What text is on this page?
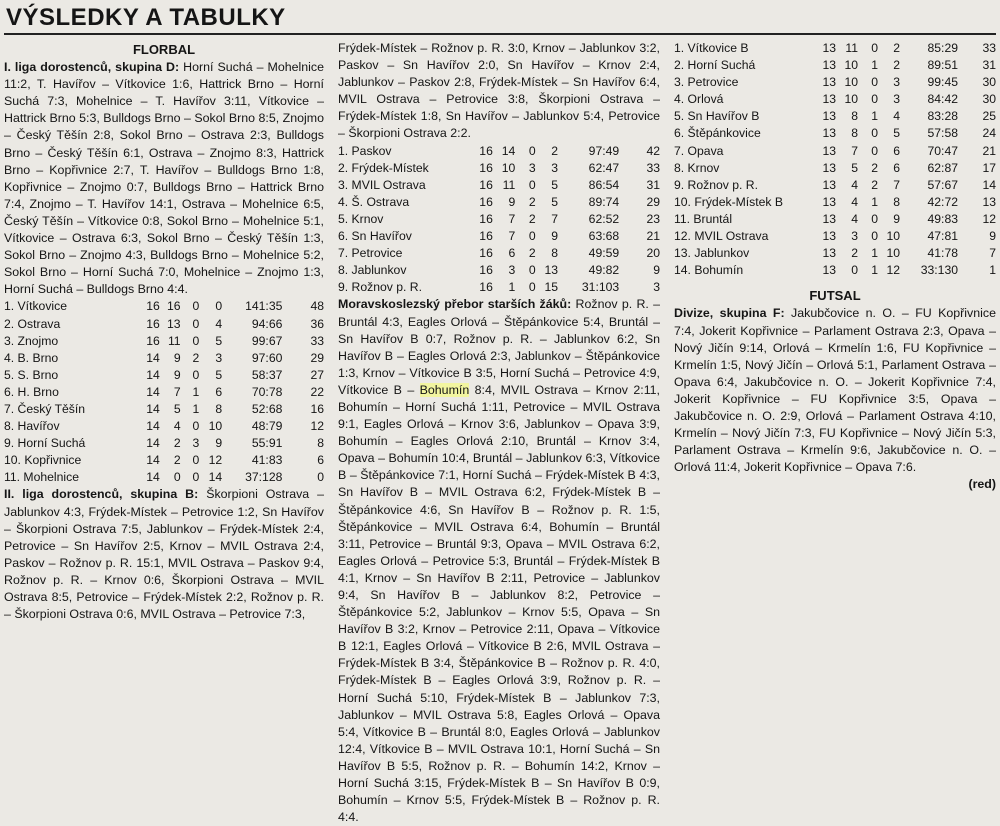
VÝSLEDKY A TABULKY
FLORBAL

I. liga dorostenců, skupina D: Horní Suchá – Mohelnice 11:2, T. Havířov – Vítkovice 1:6, Hattrick Brno – Horní Suchá 7:3, Mohelnice – T. Havířov 3:11, Vítkovice – Hattrick Brno 5:3, Bulldogs Brno – Sokol Brno 8:5, Znojmo – Český Těšín 2:8, Sokol Brno – Ostrava 2:3, Bulldogs Brno – Český Těšín 6:1, Ostrava – Znojmo 8:3, Hattrick Brno – Kopřivnice 2:7, T. Havířov – Bulldogs Brno 1:8, Kopřivnice – Znojmo 0:7, Bulldogs Brno – Hattrick Brno 7:4, Znojmo – T. Havířov 14:1, Ostrava – Mohelnice 6:5, Český Těšín – Vítkovice 0:8, Sokol Brno – Mohelnice 5:1, Vítkovice – Ostrava 6:3, Sokol Brno – Český Těšín 1:3, Sokol Brno – Znojmo 4:3, Bulldogs Brno – Mohelnice 5:2, Sokol Brno – Horní Suchá 7:0, Mohelnice – Znojmo 1:3, Horní Suchá – Bulldogs Brno 4:4.

1. Vítkovice	16	16	0	0	141:35	48
2. Ostrava	16	13	0	4	94:66	36
3. Znojmo	16	11	0	5	99:67	33
4. B. Brno	14	9	2	3	97:60	29
5. S. Brno	14	9	0	5	58:37	27
6. H. Brno	14	7	1	6	70:78	22
7. Český Těšín	14	5	1	8	52:68	16
8. Havířov	14	4	0	10	48:79	12
9. Horní Suchá	14	2	3	9	55:91	8
10. Kopřivnice	14	2	0	12	41:83	6
11. Mohelnice	14	0	0	14	37:128	0

II. liga dorostenců, skupina B: Škorpioni Ostrava – Jablunkov 4:3, Frýdek-Místek – Petrovice 1:2, Sn Havířov – Škorpioni Ostrava 7:5, Jablunkov – Frýdek-Místek 2:4, Petrovice – Sn Havířov 2:5, Krnov – MVIL Ostrava 2:4, Paskov – Rožnov p. R. 15:1, MVIL Ostrava – Paskov 9:4, Rožnov p. R. – Krnov 0:6, Škorpioni Ostrava – MVIL Ostrava 8:5, Petrovice – Frýdek-Místek 2:2, Rožnov p. R. – Škorpioni Ostrava 0:6, MVIL Ostrava – Petrovice 7:3,

Frýdek-Místek – Rožnov p. R. 3:0, Krnov – Jablunkov 3:2, Paskov – Sn Havířov 2:0, Sn Havířov – Krnov 2:4, Jablunkov – Paskov 2:8, Frýdek-Místek – Sn Havířov 6:4, MVIL Ostrava – Petrovice 3:8, Škorpioni Ostrava – Frýdek-Místek 1:8, Sn Havířov – Jablunkov 5:4, Petrovice – Škorpioni Ostrava 2:2.

1. Paskov	16	14	0	2	97:49	42
2. Frýdek-Místek	16	10	3	3	62:47	33
3. MVIL Ostrava	16	11	0	5	86:54	31
4. Š. Ostrava	16	9	2	5	89:74	29
5. Krnov	16	7	2	7	62:52	23
6. Sn Havířov	16	7	0	9	63:68	21
7. Petrovice	16	6	2	8	49:59	20
8. Jablunkov	16	3	0	13	49:82	9
9. Rožnov p. R.	16	1	0	15	31:103	3

Moravskoslezský přebor starších žáků: Rožnov p. R. – Bruntál 4:3, Eagles Orlová – Štěpánkovice 5:4, Bruntál – Sn Havířov B 0:7, Rožnov p. R. – Jablunkov 6:2, Sn Havířov B – Eagles Orlová 2:3, Jablunkov – Štěpánkovice 1:3, Krnov – Vítkovice B 3:5, Horní Suchá – Petrovice 4:9, Vítkovice B – Bohumín 8:4, MVIL Ostrava – Krnov 2:11, Bohumín – Horní Suchá 1:11, Petrovice – MVIL Ostrava 9:1, Eagles Orlová – Krnov 3:6, Jablunkov – Opava 3:9, Bohumín – Eagles Orlová 2:10, Bruntál – Krnov 3:4, Opava – Bohumín 10:4, Bruntál – Jablunkov 6:3, Vítkovice B – Štěpánkovice 7:1, Horní Suchá – Frýdek-Místek B 4:3, Sn Havířov B – MVIL Ostrava 6:2, Frýdek-Místek B – Štěpánkovice 4:6, Sn Havířov B – Rožnov p. R. 1:5, Štěpánkovice – MVIL Ostrava 6:4, Bohumín – Bruntál 3:11, Petrovice – Bruntál 9:3, Opava – MVIL Ostrava 6:2, Eagles Orlová – Petrovice 5:3, Bruntál – Frýdek-Místek B 4:1, Krnov – Sn Havířov B 2:11, Petrovice – Jablunkov 9:4, Sn Havířov B – Jablunkov 8:2, Petrovice – Štěpánkovice 5:2, Jablunkov – Krnov 5:5, Opava – Sn Havířov B 3:2, Krnov – Petrovice 2:11, Opava – Vítkovice B 12:1, Eagles Orlová – Vítkovice B 2:6, MVIL Ostrava – Frýdek-Místek B 3:4, Štěpánkovice B – Rožnov p. R. 4:0, Frýdek-Místek B – Eagles Orlová 3:9, Rožnov p. R. – Horní Suchá 5:10, Frýdek-Místek B – Jablunkov 7:3, Jablunkov – MVIL Ostrava 5:8, Eagles Orlová – Opava 5:4, Vítkovice B – Bruntál 8:0, Eagles Orlová – Jablunkov 12:4, Vítkovice B – MVIL Ostrava 10:1, Horní Suchá – Sn Havířov B 5:5, Rožnov p. R. – Bohumín 14:2, Krnov – Horní Suchá 3:15, Frýdek-Místek B – Sn Havířov B 0:9, Bohumín – Krnov 5:5, Frýdek-Místek B – Rožnov p. R. 4:4.

1. Vítkovice B	13	11	0	2	85:29	33
2. Horní Suchá	13	10	1	2	89:51	31
3. Petrovice	13	10	0	3	99:45	30
4. Orlová	13	10	0	3	84:42	30
5. Sn Havířov B	13	8	1	4	83:28	25
6. Štěpánkovice	13	8	0	5	57:58	24
7. Opava	13	7	0	6	70:47	21
8. Krnov	13	5	2	6	62:87	17
9. Rožnov p. R.	13	4	2	7	57:67	14
10. Frýdek-Místek B	13	4	1	8	42:72	13
11. Bruntál	13	4	0	9	49:83	12
12. MVIL Ostrava	13	3	0	10	47:81	9
13. Jablunkov	13	2	1	10	41:78	7
14. Bohumín	13	0	1	12	33:130	1
FUTSAL

Divize, skupina F: Jakubčovice n. O. – FU Kopřivnice 7:4, Jokerit Kopřivnice – Parlament Ostrava 2:3, Opava – Nový Jičín 9:14, Orlová – Krmelín 1:6, FU Kopřivnice – Krmelín 1:5, Nový Jičín – Orlová 5:1, Parlament Ostrava – Opava 6:4, Jakubčovice n. O. – Jokerit Kopřivnice 7:4, Jokerit Kopřivnice – FU Kopřivnice 3:5, Opava – Jakubčovice n. O. 2:9, Orlová – Parlament Ostrava 4:10, Krmelín – Nový Jičín 7:3, FU Kopřivnice – Nový Jičín 5:3, Parlament Ostrava – Krmelín 9:6, Jakubčovice n. O. – Orlová 11:4, Jokerit Kopřivnice – Opava 7:6.

(red)
